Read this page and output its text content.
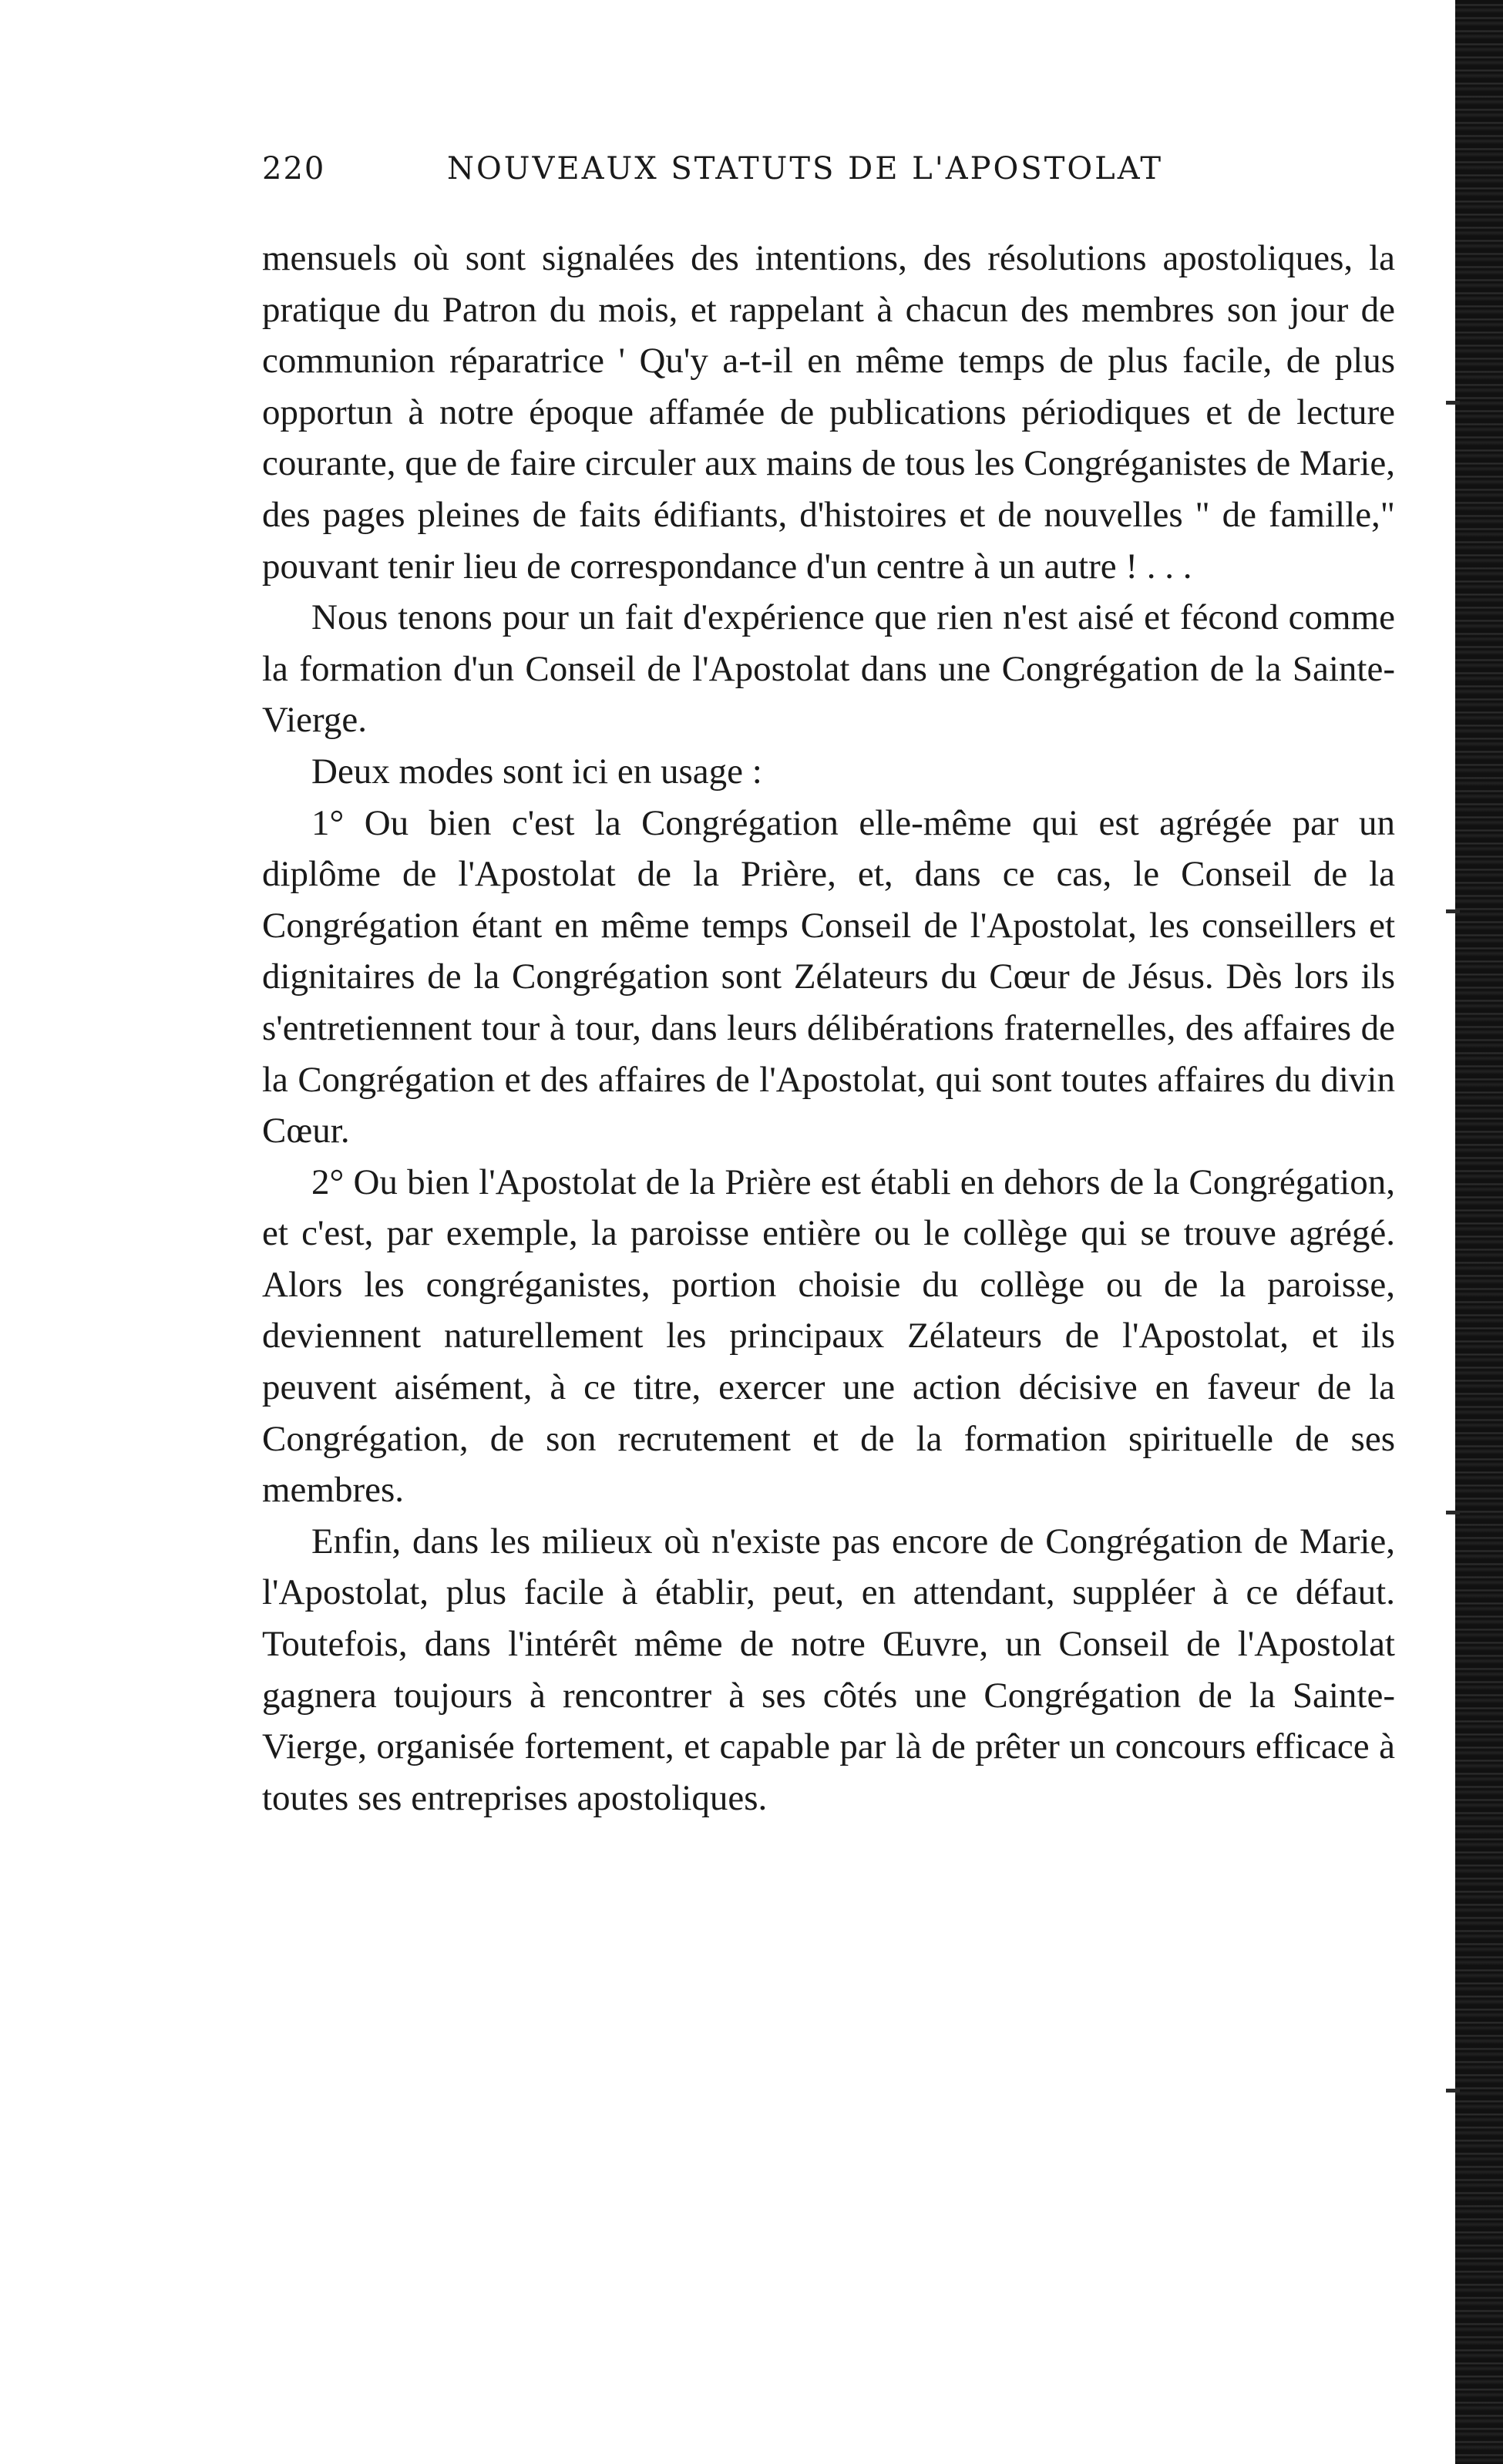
220	NOUVEAUX STATUTS DE L'APOSTOLAT

mensuels où sont signalées des intentions, des résolutions apostoliques, la pratique du Patron du mois, et rappelant à chacun des membres son jour de communion réparatrice ' Qu'y a-t-il en même temps de plus facile, de plus opportun à notre époque affamée de publications périodiques et de lecture courante, que de faire circuler aux mains de tous les Congréganistes de Marie, des pages pleines de faits édifiants, d'histoires et de nouvelles " de famille," pouvant tenir lieu de correspondance d'un centre à un autre ! . . .

Nous tenons pour un fait d'expérience que rien n'est aisé et fécond comme la formation d'un Conseil de l'Apostolat dans une Congrégation de la Sainte-Vierge.

Deux modes sont ici en usage :

1° Ou bien c'est la Congrégation elle-même qui est agrégée par un diplôme de l'Apostolat de la Prière, et, dans ce cas, le Conseil de la Congrégation étant en même temps Conseil de l'Apostolat, les conseillers et dignitaires de la Congrégation sont Zélateurs du Cœur de Jésus. Dès lors ils s'entretiennent tour à tour, dans leurs délibérations fraternelles, des affaires de la Congrégation et des affaires de l'Apostolat, qui sont toutes affaires du divin Cœur.

2° Ou bien l'Apostolat de la Prière est établi en dehors de la Congrégation, et c'est, par exemple, la paroisse entière ou le collège qui se trouve agrégé. Alors les congréganistes, portion choisie du collège ou de la paroisse, deviennent naturellement les principaux Zélateurs de l'Apostolat, et ils peuvent aisément, à ce titre, exercer une action décisive en faveur de la Congrégation, de son recrutement et de la formation spirituelle de ses membres.

Enfin, dans les milieux où n'existe pas encore de Congrégation de Marie, l'Apostolat, plus facile à établir, peut, en attendant, suppléer à ce défaut. Toutefois, dans l'intérêt même de notre Œuvre, un Conseil de l'Apostolat gagnera toujours à rencontrer à ses côtés une Congrégation de la Sainte-Vierge, organisée fortement, et capable par là de prêter un concours efficace à toutes ses entreprises apostoliques.
